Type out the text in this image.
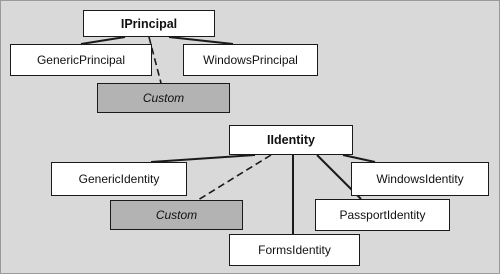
IPrincipal
GenericPrincipal	WindowsPrincipal
Custom
IIdentity
GenericIdentity	WindowsIdentity
PassportIdentity
FormsIdentity
Custom
